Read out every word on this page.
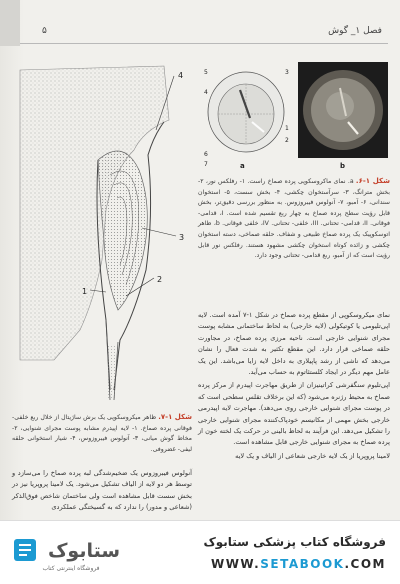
فصل ۱_ گوش
۵
4
3
2
1
5
4
6
7
3
1
2
a	b
شکل ۱-۶. a. نمای ماکروسکوپی پرده صماخ راست. ۱- رفلکس نور، ۲- بخش مترانگ، ۳- سرآستخوان چکشی، ۴- بخش سست، ۵- استخوان سندانی، ۶- آمبو، ۷- آنولوس فیبروزوس. به منظور بررسی دقیق‌تر، بخش قابل رؤیت سطح پرده صماخ به چهار ربع تقسیم شده است. I، قدامی- فوقانی. II، قدامی- تحتانی. III، خلفی- تحتانی. IV، خلفی فوقانی. b، ظاهر اتوسکوپیک یک پرده صماخ طبیعی و شفاف. حلقه صماخی، دسته استخوان چکشی و زائده کوتاه استخوان چکشی مشهود هستند. رفلکس نور قابل رؤیت است که از آمبو، ربع قدامی- تحتانی وجود دارد.

نمای میکروسکوپی از مقطع پرده صماخ در شکل ۱-۷ آمده است. لایه اپی‌تلیومی یا کوتیکولی (لایه خارجی) به لحاظ ساختمانی مشابه پوست مجرای شنوایی خارجی است. ناحیه مرزی پرده صماخ، در مجاورت حلقه صماخی قرار دارد. این مقطع تکثیر به شدت فعال را نشان می‌دهد که ناشی از رشد پاپیلاری به داخل لایه زایا می‌باشد. این یک عامل مهم دیگر در ایجاد کلستئاتوم به حساب می‌آید.

اپی‌تلیوم سنگفرشی کراتینیزان از طریق مهاجرت اپیدرم از مرکز پرده صماخ به محیط رژنره می‌شود (که این برخلاف تقلس سطحی است که در پوست مجرای شنوایی خارجی روی می‌دهد). مهاجرت لایه اپیدرمی خارجی بخش مهمی از مکانیسم خودپاک‌کننده مجرای شنوایی خارجی را تشکیل می‌دهد. این فرآیند به لحاظ بالینی در حرکت یک لخته خون از پرده صماخ به مجرای شنوایی خارجی قابل مشاهده است.

لامینا پروپریا از یک لایه خارجی شعاعی از الیاف و یک لایه

شکل ۱-۷. ظاهر میکروسکوپی یک برش ساژیتال از خلال ربع خلفی- فوقانی پرده صماخ. ۱- لایه اپیدرم مشابه پوست مجرای شنوایی، ۲- مخاط گوش میانی، ۳- آنولوس فیبروزوس، ۴- شیار استخوانی حلقه لیفی- غضروفی.

آنولوس فیبروزوس یک ضخیم‌شدگی لبه پرده صماخ را می‌سازد و توسط هر دو لایه از الیاف تشکیل می‌شود. یک لامینا پروپریا نیز در بخش سست قابل مشاهده است ولی ساختمان شاخص فوق‌الذکر (شعاعی و مدور) را ندارد که به گسیختگی عملکردی

ستابوک
فروشگاه اینترنتی کتاب
فروشگاه کتاب پزشکی ستابوک
WWW.SETABOOK.COM
